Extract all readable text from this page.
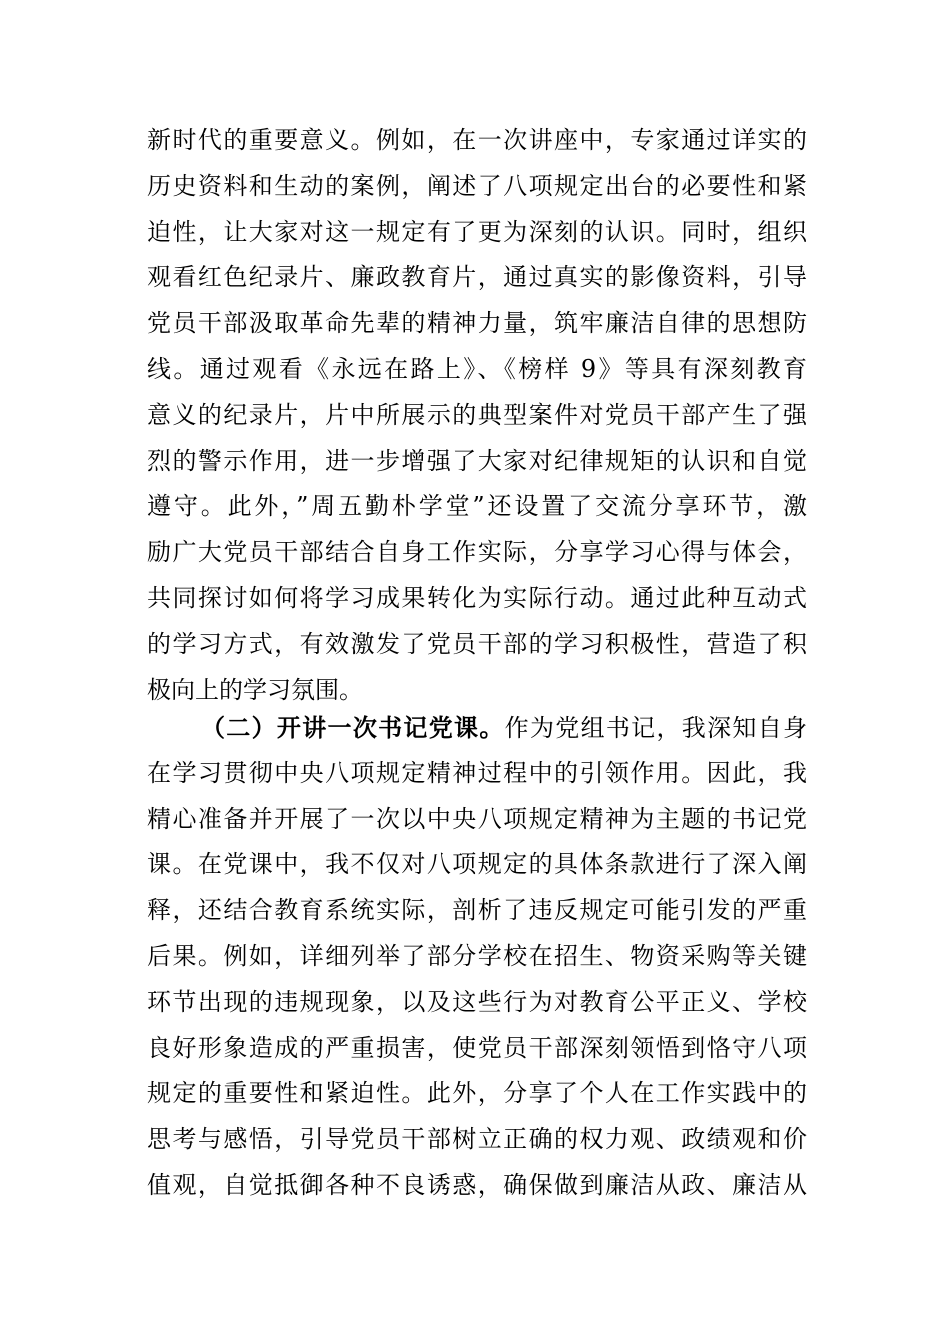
新时代的重要意义。例如，在一次讲座中，专家通过详实的
历史资料和生动的案例，阐述了八项规定出台的必要性和紧
迫性，让大家对这一规定有了更为深刻的认识。同时，组织
观看红色纪录片、廉政教育片，通过真实的影像资料，引导
党员干部汲取革命先辈的精神力量，筑牢廉洁自律的思想防
线。通过观看《永远在路上》、《榜样 9》等具有深刻教育
意义的纪录片，片中所展示的典型案件对党员干部产生了强
烈的警示作用，进一步增强了大家对纪律规矩的认识和自觉
遵守。此外，”周五勤朴学堂”还设置了交流分享环节，激
励广大党员干部结合自身工作实际，分享学习心得与体会，
共同探讨如何将学习成果转化为实际行动。通过此种互动式
的学习方式，有效激发了党员干部的学习积极性，营造了积
极向上的学习氛围。
（二）开讲一次书记党课。作为党组书记，我深知自身
在学习贯彻中央八项规定精神过程中的引领作用。因此，我
精心准备并开展了一次以中央八项规定精神为主题的书记党
课。在党课中，我不仅对八项规定的具体条款进行了深入阐
释，还结合教育系统实际，剖析了违反规定可能引发的严重
后果。例如，详细列举了部分学校在招生、物资采购等关键
环节出现的违规现象，以及这些行为对教育公平正义、学校
良好形象造成的严重损害，使党员干部深刻领悟到恪守八项
规定的重要性和紧迫性。此外，分享了个人在工作实践中的
思考与感悟，引导党员干部树立正确的权力观、政绩观和价
值观，自觉抵御各种不良诱惑，确保做到廉洁从政、廉洁从
